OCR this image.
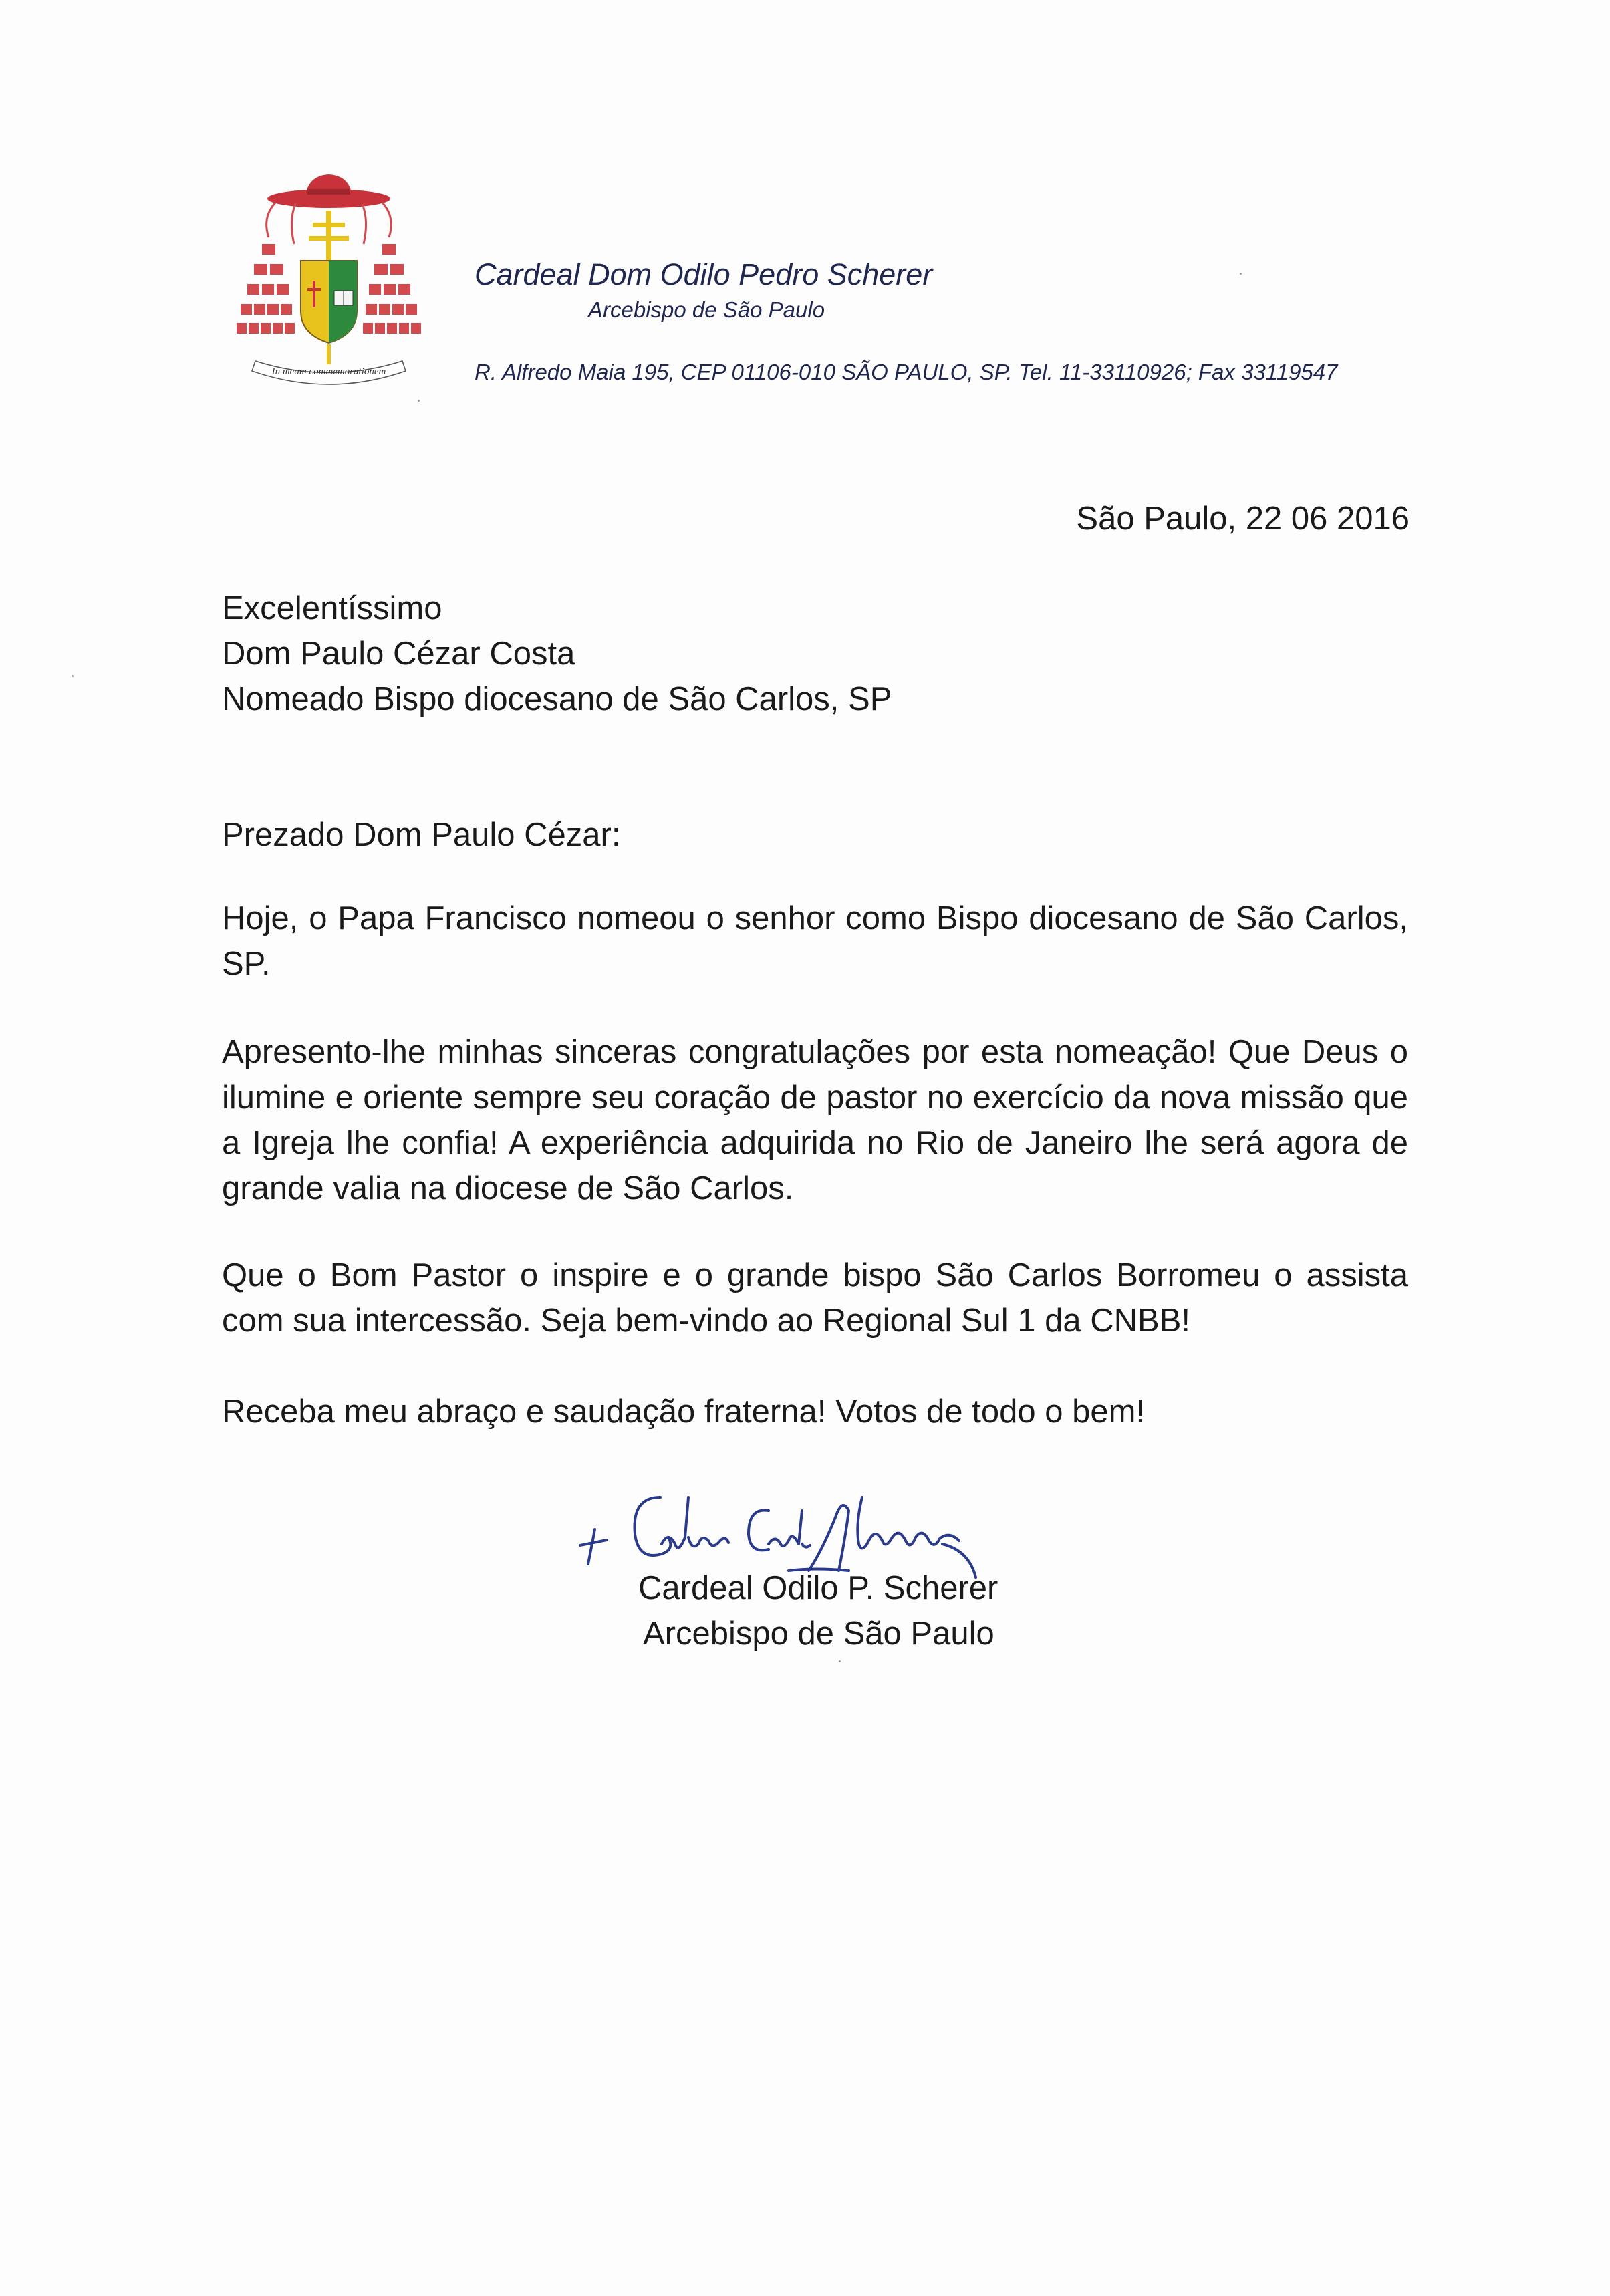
In meam commemorationem
Cardeal Dom Odilo Pedro Scherer
Arcebispo de São Paulo
R. Alfredo Maia 195, CEP 01106-010 SÃO PAULO, SP. Tel. 11-33110926; Fax 33119547
São Paulo, 22 06 2016
Excelentíssimo
Dom Paulo Cézar Costa
Nomeado Bispo diocesano de São Carlos, SP
Prezado Dom Paulo Cézar:
Hoje, o Papa Francisco nomeou o senhor como Bispo diocesano de São Carlos, SP.
Apresento-lhe minhas sinceras congratulações por esta nomeação! Que Deus o ilumine e oriente sempre seu coração de pastor no exercício da nova missão que a Igreja lhe confia! A experiência adquirida no Rio de Janeiro lhe será agora de grande valia na diocese de São Carlos.
Que o Bom Pastor o inspire e o grande bispo São Carlos Borromeu o assista com sua intercessão. Seja bem-vindo ao Regional Sul 1 da CNBB!
Receba meu abraço e saudação fraterna! Votos de todo o bem!
Cardeal Odilo P. Scherer
Arcebispo de São Paulo
